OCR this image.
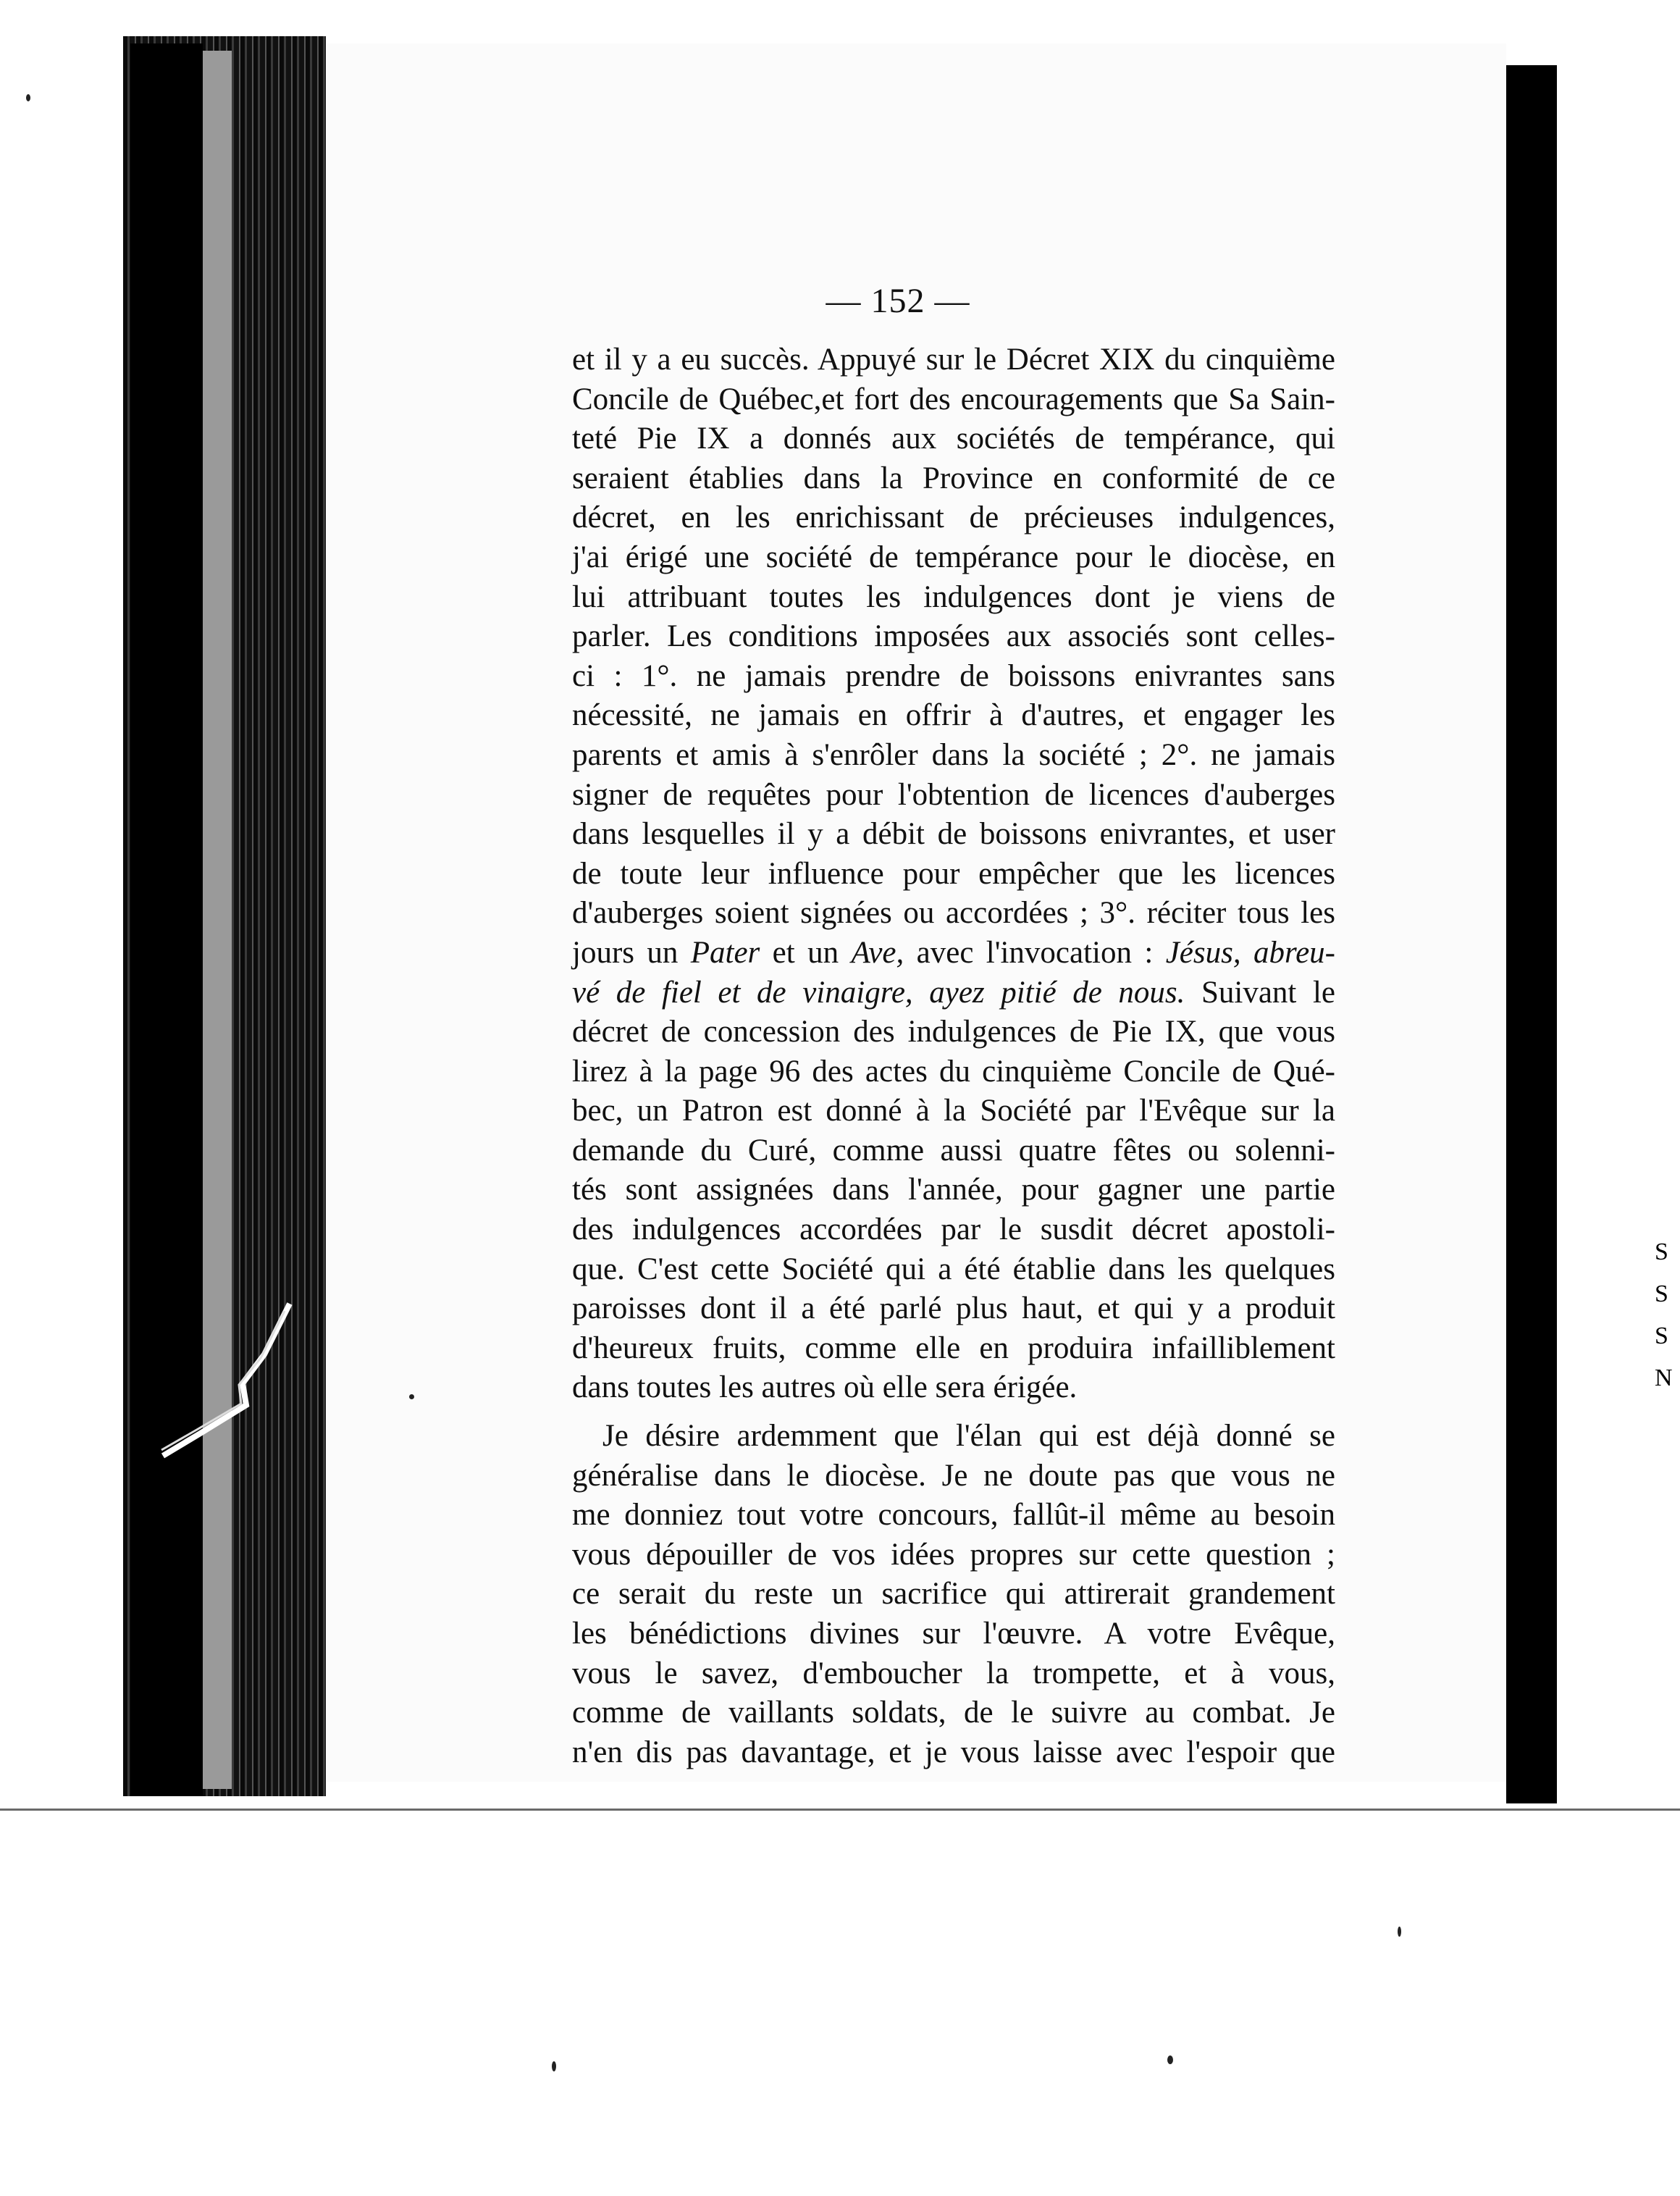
S
S
S
N
— 152 —
et il y a eu succès. Appuyé sur le Décret XIX du cinquième
Concile de Québec,et fort des encouragements que Sa Sain-
teté Pie IX a donnés aux sociétés de tempérance, qui
seraient établies dans la Province en conformité de ce
décret, en les enrichissant de précieuses indulgences,
j'ai érigé une société de tempérance pour le diocèse, en
lui attribuant toutes les indulgences dont je viens de
parler. Les conditions imposées aux associés sont celles-
ci : 1°. ne jamais prendre de boissons enivrantes sans
nécessité, ne jamais en offrir à d'autres, et engager les
parents et amis à s'enrôler dans la société ; 2°. ne jamais
signer de requêtes pour l'obtention de licences d'auberges
dans lesquelles il y a débit de boissons enivrantes, et user
de toute leur influence pour empêcher que les licences
d'auberges soient signées ou accordées ; 3°. réciter tous les
jours un Pater et un Ave, avec l'invocation : Jésus, abreu-
vé de fiel et de vinaigre, ayez pitié de nous. Suivant le
décret de concession des indulgences de Pie IX, que vous
lirez à la page 96 des actes du cinquième Concile de Qué-
bec, un Patron est donné à la Société par l'Evêque sur la
demande du Curé, comme aussi quatre fêtes ou solenni-
tés sont assignées dans l'année, pour gagner une partie
des indulgences accordées par le susdit décret apostoli-
que. C'est cette Société qui a été établie dans les quelques
paroisses dont il a été parlé plus haut, et qui y a produit
d'heureux fruits, comme elle en produira infailliblement
dans toutes les autres où elle sera érigée.
Je désire ardemment que l'élan qui est déjà donné se
généralise dans le diocèse. Je ne doute pas que vous ne
me donniez tout votre concours, fallût-il même au besoin
vous dépouiller de vos idées propres sur cette question ;
ce serait du reste un sacrifice qui attirerait grandement
les bénédictions divines sur l'œuvre. A votre Evêque,
vous le savez, d'emboucher la trompette, et à vous,
comme de vaillants soldats, de le suivre au combat. Je
n'en dis pas davantage, et je vous laisse avec l'espoir que
